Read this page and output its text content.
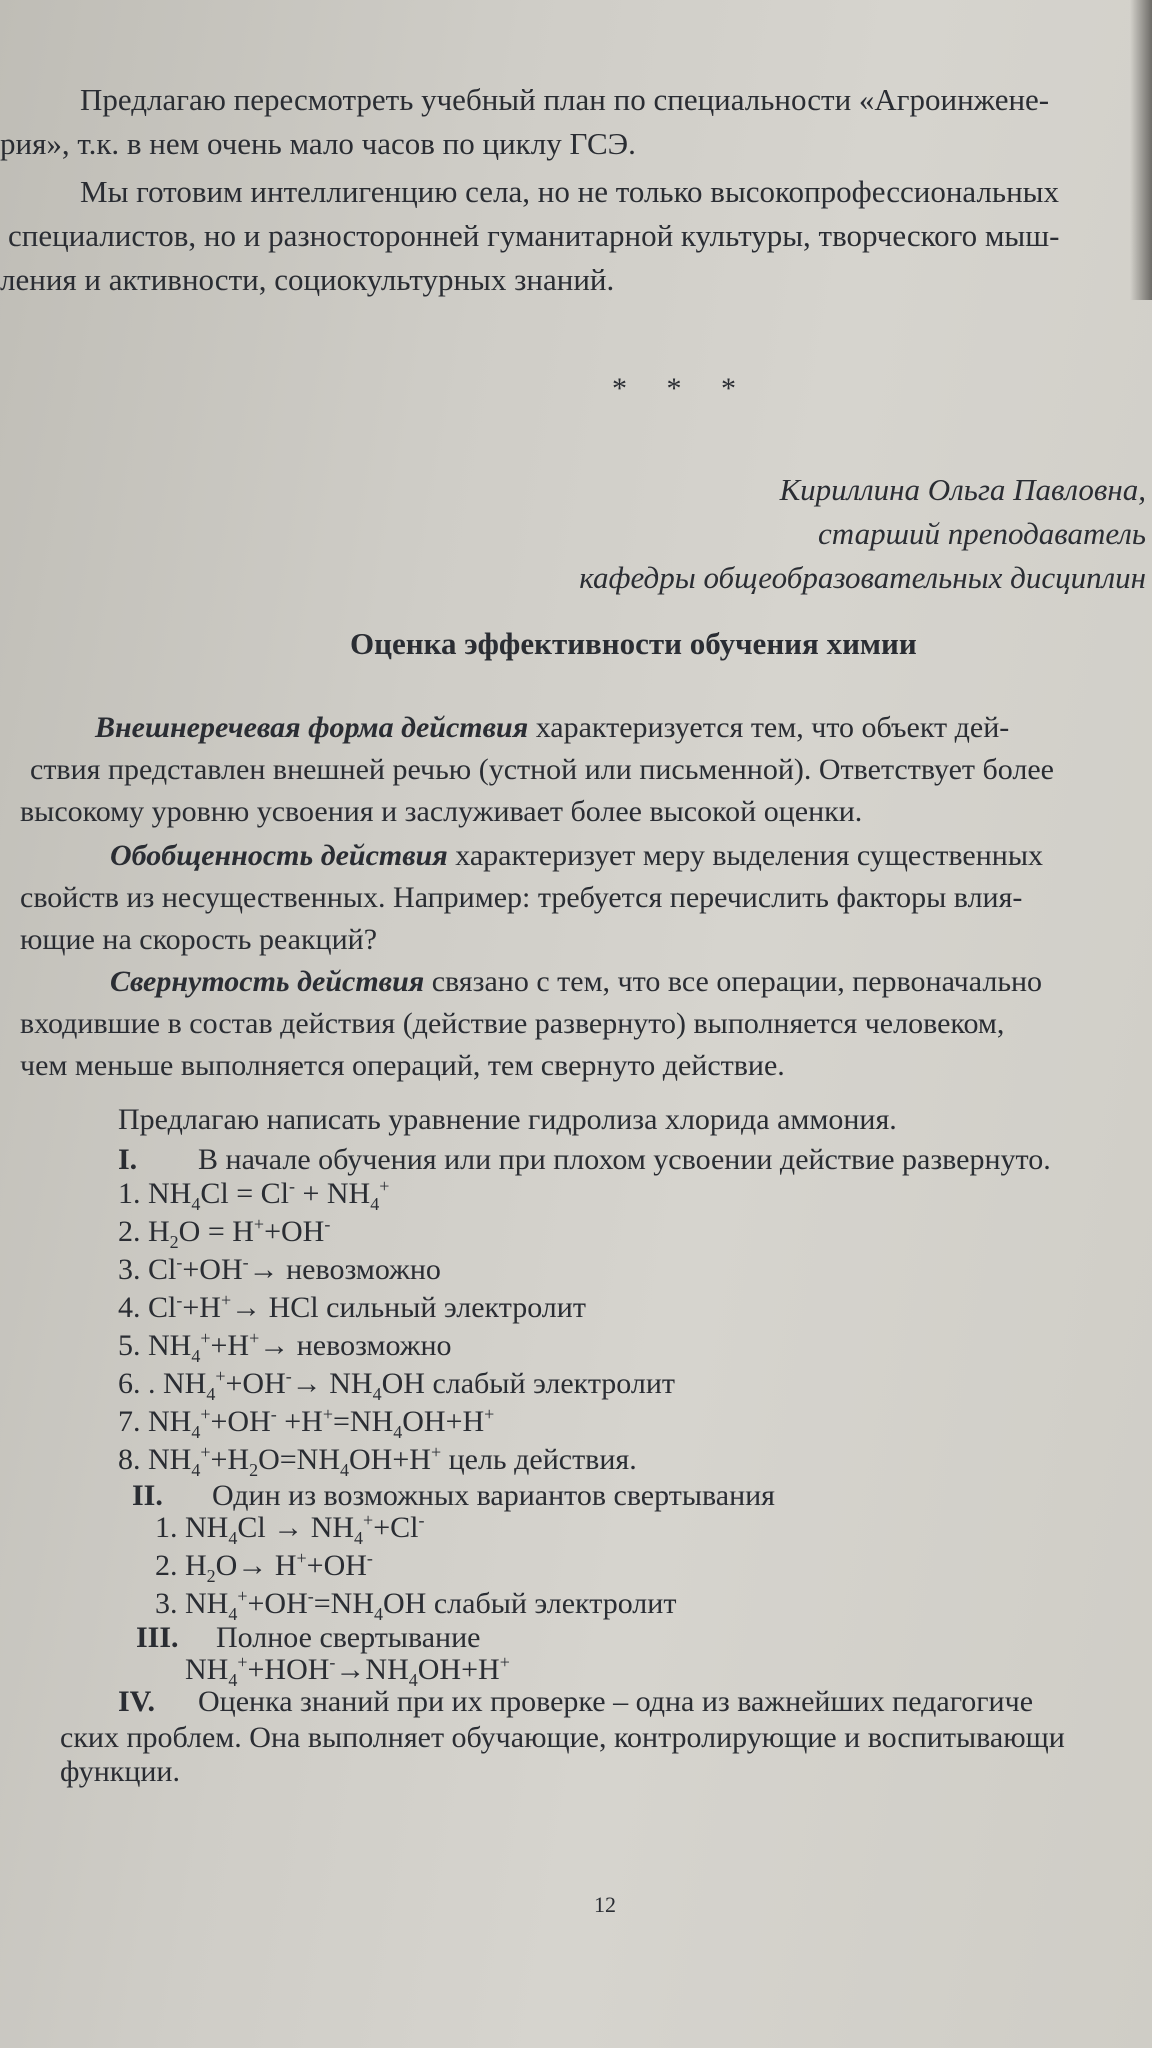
Предлагаю пересмотреть учебный план по специальности «Агроинжене-
рия», т.к. в нем очень мало часов по циклу ГСЭ.
Мы готовим интеллигенцию села, но не только высокопрофессиональных
специалистов, но и разносторонней гуманитарной культуры, творческого мыш-
ления и активности, социокультурных знаний.
* * *
Кириллина Ольга Павловна,
старший преподаватель
кафедры общеобразовательных дисциплин
Оценка эффективности обучения химии
Внешнеречевая форма действия характеризуется тем, что объект дей-
ствия представлен внешней речью (устной или письменной). Ответствует более
высокому уровню усвоения и заслуживает более высокой оценки.
Обобщенность действия характеризует меру выделения существенных
свойств из несущественных. Например: требуется перечислить факторы влия-
ющие на скорость реакций?
Свернутость действия связано с тем, что все операции, первоначально
входившие в состав действия (действие развернуто) выполняется человеком,
чем меньше выполняется операций, тем свернуто действие.
Предлагаю написать уравнение гидролиза хлорида аммония.
I. В начале обучения или при плохом усвоении действие развернуто.
1. $NH_4Cl = Cl^- + NH_4^+$
2. $H_2O = H^++OH^-$
3. Cl-+OH-→ невозможно
4. Cl-+H+→ HCl сильный электролит
5. $NH_4^++H^+\to$ невозможно
6. . $NH_4^++OH^-\to NH_4OH$ слабый электролит
7. $NH_4^++OH^- +H^+=NH_4OH+H^+$
8. $NH_4^++H_2O=NH_4OH+H^+$ цель действия.
II. Один из возможных вариантов свертывания
1. $NH_4Cl \to NH_4^++Cl^-$
2. $H_2O\to H^++OH^-$
3. $NH_4^++OH^-=NH_4OH$ слабый электролит
III. Полное свертывание
$NH_4^++HOH^-\to NH_4OH+H^+$
IV. Оценка знаний при их проверке – одна из важнейших педагогиче
ских проблем. Она выполняет обучающие, контролирующие и воспитывающи
функции.
12
